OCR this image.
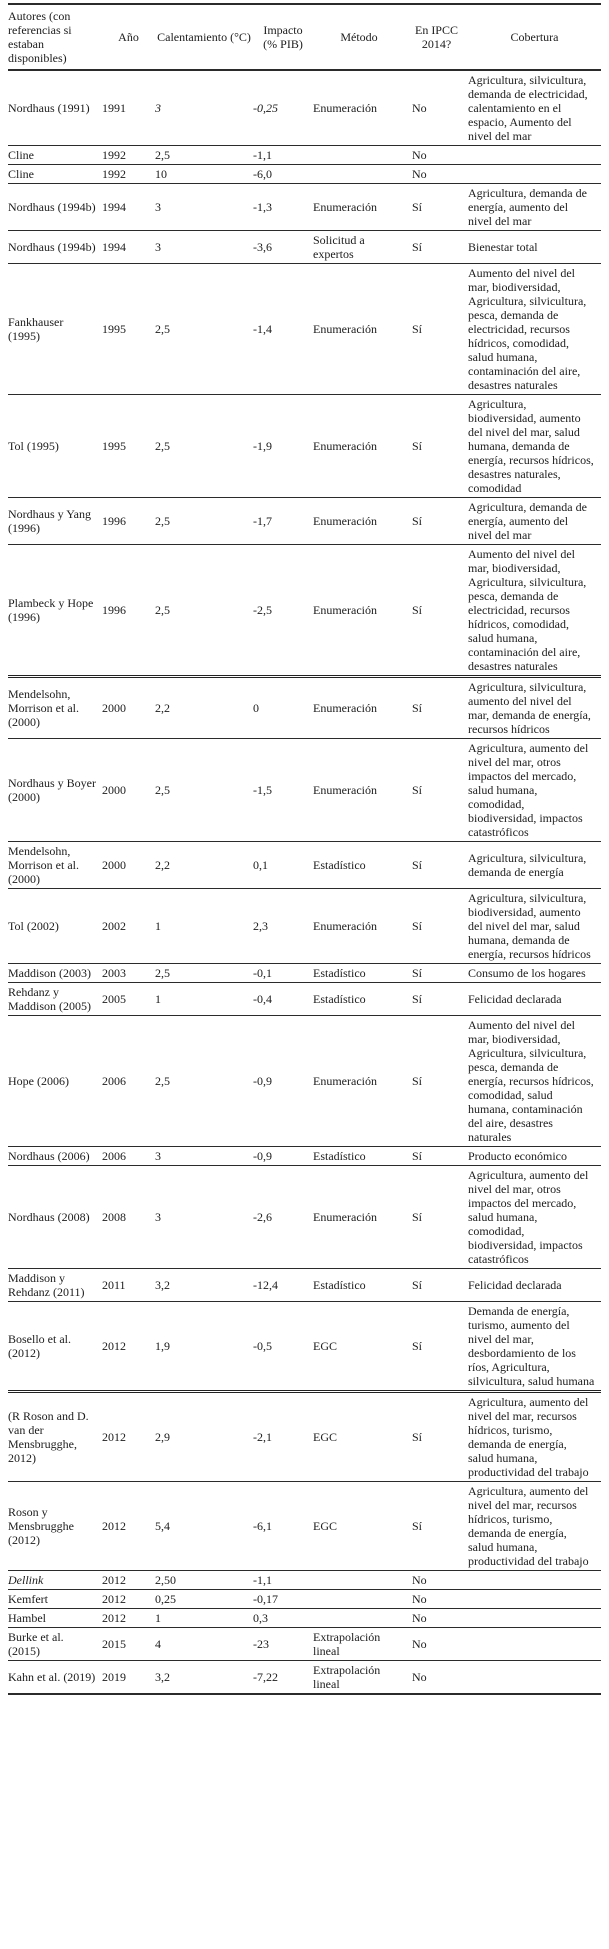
Autores (con referencias si estaban disponibles)	Año	Calentamiento (°C)	Impacto (% PIB)	Método	En IPCC 2014?	Cobertura
Nordhaus (1991)	1991	3	-0,25	Enumeración	No	Agricultura, silvicultura, demanda de electricidad, calentamiento en el espacio, Aumento del nivel del mar
Cline	1992	2,5	-1,1		No	
Cline	1992	10	-6,0		No	
Nordhaus (1994b)	1994	3	-1,3	Enumeración	Sí	Agricultura, demanda de energía, aumento del nivel del mar
Nordhaus (1994b)	1994	3	-3,6	Solicitud a expertos	Sí	Bienestar total
Fankhauser (1995)	1995	2,5	-1,4	Enumeración	Sí	Aumento del nivel del mar, biodiversidad, Agricultura, silvicultura, pesca, demanda de electricidad, recursos hídricos, comodidad, salud humana, contaminación del aire, desastres naturales
Tol (1995)	1995	2,5	-1,9	Enumeración	Sí	Agricultura, biodiversidad, aumento del nivel del mar, salud humana, demanda de energía, recursos hídricos, desastres naturales, comodidad
Nordhaus y Yang (1996)	1996	2,5	-1,7	Enumeración	Sí	Agricultura, demanda de energía, aumento del nivel del mar
Plambeck y Hope (1996)	1996	2,5	-2,5	Enumeración	Sí	Aumento del nivel del mar, biodiversidad, Agricultura, silvicultura, pesca, demanda de electricidad, recursos hídricos, comodidad, salud humana, contaminación del aire, desastres naturales
Mendelsohn, Morrison et al. (2000)	2000	2,2	0	Enumeración	Sí	Agricultura, silvicultura, aumento del nivel del mar, demanda de energía, recursos hídricos
Nordhaus y Boyer (2000)	2000	2,5	-1,5	Enumeración	Sí	Agricultura, aumento del nivel del mar, otros impactos del mercado, salud humana, comodidad, biodiversidad, impactos catastróficos
Mendelsohn, Morrison et al. (2000)	2000	2,2	0,1	Estadístico	Sí	Agricultura, silvicultura, demanda de energía
Tol (2002)	2002	1	2,3	Enumeración	Sí	Agricultura, silvicultura, biodiversidad, aumento del nivel del mar, salud humana, demanda de energía, recursos hídricos
Maddison (2003)	2003	2,5	-0,1	Estadístico	Sí	Consumo de los hogares
Rehdanz y Maddison (2005)	2005	1	-0,4	Estadístico	Sí	Felicidad declarada
Hope (2006)	2006	2,5	-0,9	Enumeración	Sí	Aumento del nivel del mar, biodiversidad, Agricultura, silvicultura, pesca, demanda de energía, recursos hídricos, comodidad, salud humana, contaminación del aire, desastres naturales
Nordhaus (2006)	2006	3	-0,9	Estadístico	Sí	Producto económico
Nordhaus (2008)	2008	3	-2,6	Enumeración	Sí	Agricultura, aumento del nivel del mar, otros impactos del mercado, salud humana, comodidad, biodiversidad, impactos catastróficos
Maddison y Rehdanz (2011)	2011	3,2	-12,4	Estadístico	Sí	Felicidad declarada
Bosello et al. (2012)	2012	1,9	-0,5	EGC	Sí	Demanda de energía, turismo, aumento del nivel del mar, desbordamiento de los ríos, Agricultura, silvicultura, salud humana
(R Roson and D. van der Mensbrugghe, 2012)	2012	2,9	-2,1	EGC	Sí	Agricultura, aumento del nivel del mar, recursos hídricos, turismo, demanda de energía, salud humana, productividad del trabajo
Roson y Mensbrugghe (2012)	2012	5,4	-6,1	EGC	Sí	Agricultura, aumento del nivel del mar, recursos hídricos, turismo, demanda de energía, salud humana, productividad del trabajo
Dellink	2012	2,50	-1,1		No	
Kemfert	2012	0,25	-0,17		No	
Hambel	2012	1	0,3		No	
Burke et al. (2015)	2015	4	-23	Extrapolación lineal	No	
Kahn et al. (2019)	2019	3,2	-7,22	Extrapolación lineal	No	
